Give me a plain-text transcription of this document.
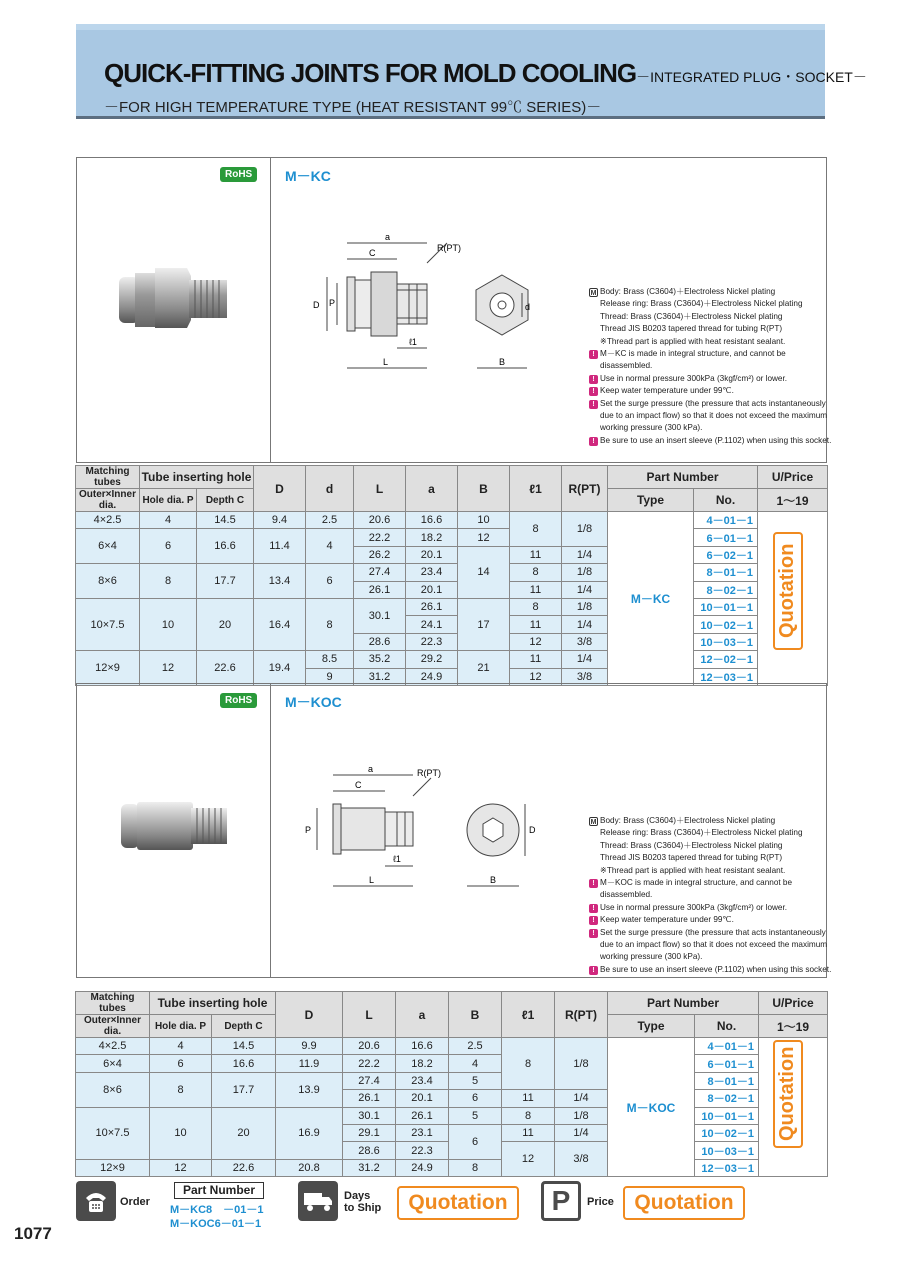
QUICK-FITTING JOINTS FOR MOLD COOLING－INTEGRATED PLUG・SOCKET－
－FOR HIGH TEMPERATURE TYPE (HEAT RESISTANT 99℃ SERIES)－
RoHS	M－KC
a
C	R(PT)
D P
ℓ1
L	B
d
M Body: Brass (C3604)＋Electroless Nickel plating
Release ring: Brass (C3604)＋Electroless Nickel plating
Thread: Brass (C3604)＋Electroless Nickel plating
Thread JIS B0203 tapered thread for tubing R(PT)
※Thread part is applied with heat resistant sealant.
! M－KC is made in integral structure, and cannot be
disassembled.
! Use in normal pressure 300kPa (3kgf/cm²) or lower.
! Keep water temperature under 99℃.
! Set the surge pressure (the pressure that acts instantaneously
due to an impact flow) so that it does not exceed the maximum
working pressure (300 kPa).
! Be sure to use an insert sleeve (P.1102) when using this socket.
Matching tubes	Tube inserting hole		D	d	L	a	B	ℓ1	R(PT)	Part Number		U/Price
Outer×Inner dia.	Hole dia. P	Depth C								Type	No.	1～19
4×2.5	4	14.5	9.4	2.5	20.6	16.6	10	8	1/8	M－KC	4－01－1	
6×4	6	16.6	11.4	4	22.2	18.2	12				6－01－1	
					26.2	20.1	14	11	1/4		6－02－1	
8×6	8	17.7	13.4	6	27.4	23.4		8	1/8		8－01－1	
					26.1	20.1		11	1/4		8－02－1	
10×7.5	10	20	16.4	8	30.1	26.1	17	8	1/8		10－01－1	
						24.1		11	1/4		10－02－1	
					28.6	22.3		12	3/8		10－03－1	
12×9	12	22.6	19.4	8.5	35.2	29.2	21	11	1/4		12－02－1	
				9	31.2	24.9		12	3/8		12－03－1	
Quotation
RoHS	M－KOC
a
C
R(PT)
P
ℓ1
L	B
D
M Body: Brass (C3604)＋Electroless Nickel plating
Release ring: Brass (C3604)＋Electroless Nickel plating
Thread: Brass (C3604)＋Electroless Nickel plating
Thread JIS B0203 tapered thread for tubing R(PT)
※Thread part is applied with heat resistant sealant.
! M－KOC is made in integral structure, and cannot be
disassembled.
! Use in normal pressure 300kPa (3kgf/cm²) or lower.
! Keep water temperature under 99℃.
! Set the surge pressure (the pressure that acts instantaneously
due to an impact flow) so that it does not exceed the maximum
working pressure (300 kPa).
! Be sure to use an insert sleeve (P.1102) when using this socket.
Matching tubes	Tube inserting hole		D	L	a	B	ℓ1	R(PT)	Part Number		U/Price
Outer×Inner dia.	Hole dia. P	Depth C							Type	No.	1～19
4×2.5	4	14.5	9.9	20.6	16.6	2.5	8	1/8	M－KOC	4－01－1	
6×4	6	16.6	11.9	22.2	18.2	4				6－01－1	
8×6	8	17.7	13.9	27.4	23.4	5				8－01－1	
				26.1	20.1	6	11	1/4		8－02－1	
10×7.5	10	20	16.9	30.1	26.1	5	8	1/8		10－01－1	
				29.1	23.1	6	11	1/4		10－02－1	
				28.6	22.3		12	3/8		10－03－1	
12×9	12	22.6	20.8	31.2	24.9	8				12－03－1	
Quotation
Order
Part Number
M－KC8　－01－1
M－KOC6－01－1
Days
to Ship	Quotation	P	Price Quotation
1077
